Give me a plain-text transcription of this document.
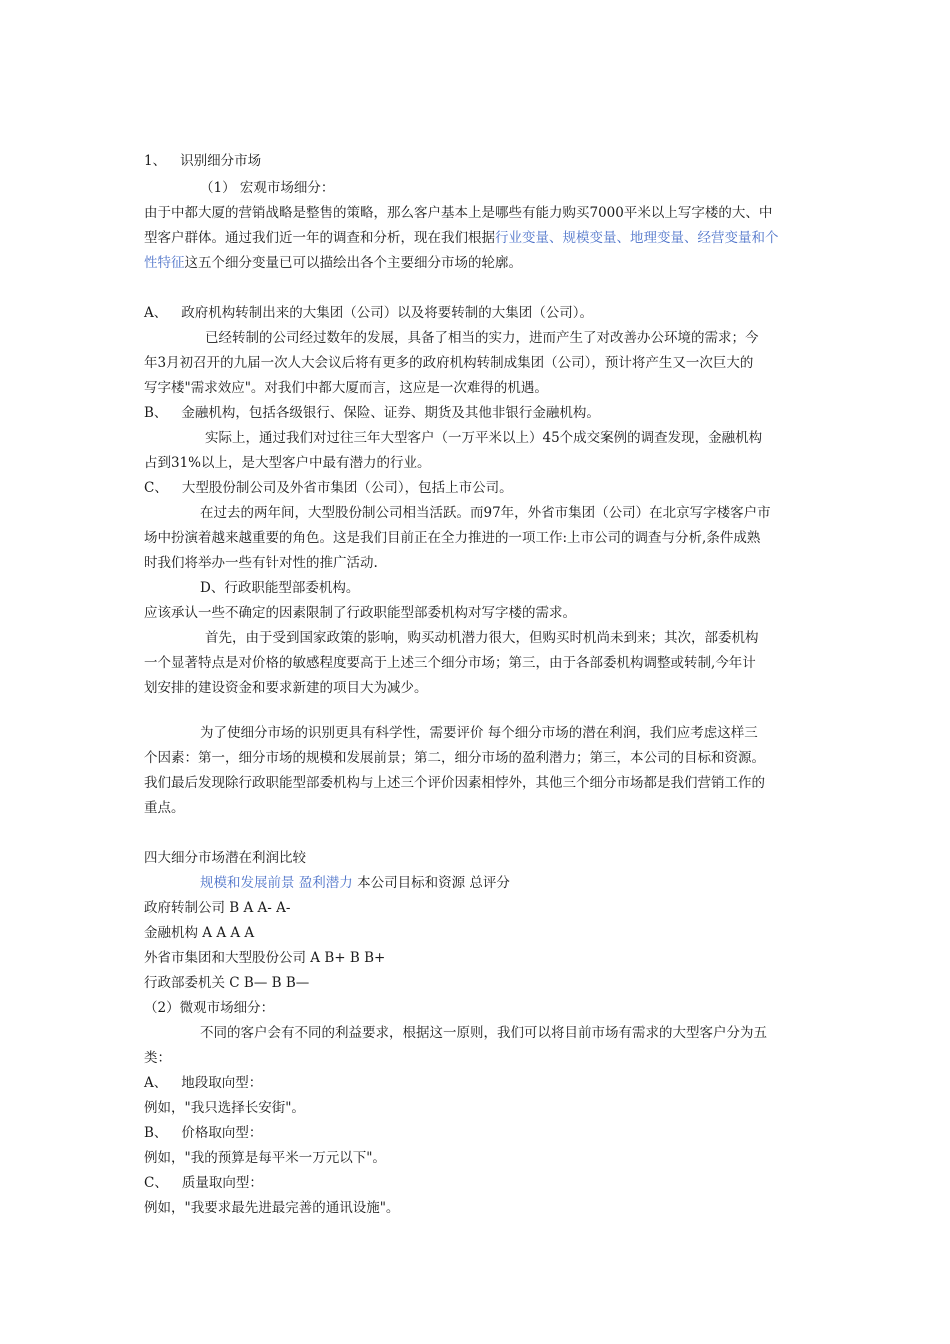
1、 识别细分市场
（1） 宏观市场细分：
由于中都大厦的营销战略是整售的策略，那么客户基本上是哪些有能力购买7000平米以上写字楼的大、中
型客户群体。通过我们近一年的调查和分析，现在我们根据行业变量、规模变量、地理变量、经营变量和个
性特征这五个细分变量已可以描绘出各个主要细分市场的轮廓。
A、 政府机构转制出来的大集团（公司）以及将要转制的大集团（公司）。
已经转制的公司经过数年的发展，具备了相当的实力，进而产生了对改善办公环境的需求；今
年3月初召开的九届一次人大会议后将有更多的政府机构转制成集团（公司），预计将产生又一次巨大的
写字楼"需求效应"。对我们中都大厦而言，这应是一次难得的机遇。
B、 金融机构，包括各级银行、保险、证券、期货及其他非银行金融机构。
实际上，通过我们对过往三年大型客户（一万平米以上）45个成交案例的调查发现，金融机构
占到31%以上，是大型客户中最有潜力的行业。
C、 大型股份制公司及外省市集团（公司），包括上市公司。
在过去的两年间，大型股份制公司相当活跃。而97年，外省市集团（公司）在北京写字楼客户市
场中扮演着越来越重要的角色。这是我们目前正在全力推进的一项工作:上市公司的调查与分析,条件成熟
时我们将举办一些有针对性的推广活动.
D、行政职能型部委机构。
应该承认一些不确定的因素限制了行政职能型部委机构对写字楼的需求。
首先，由于受到国家政策的影响，购买动机潜力很大，但购买时机尚未到来；其次，部委机构
一个显著特点是对价格的敏感程度要高于上述三个细分市场；第三，由于各部委机构调整或转制,今年计
划安排的建设资金和要求新建的项目大为减少。
为了使细分市场的识别更具有科学性，需要评价 每个细分市场的潜在利润，我们应考虑这样三
个因素：第一，细分市场的规模和发展前景；第二，细分市场的盈利潜力；第三，本公司的目标和资源。
我们最后发现除行政职能型部委机构与上述三个评价因素相悖外，其他三个细分市场都是我们营销工作的
重点。
四大细分市场潜在利润比较
规模和发展前景 盈利潜力 本公司目标和资源 总评分
政府转制公司 B A A- A-
金融机构 A A A A
外省市集团和大型股份公司 A B+ B B+
行政部委机关 C B— B B—
（2）微观市场细分：
不同的客户会有不同的利益要求，根据这一原则，我们可以将目前市场有需求的大型客户分为五
类：
A、 地段取向型：
例如，"我只选择长安街"。
B、 价格取向型：
例如，"我的预算是每平米一万元以下"。
C、 质量取向型：
例如，"我要求最先进最完善的通讯设施"。
